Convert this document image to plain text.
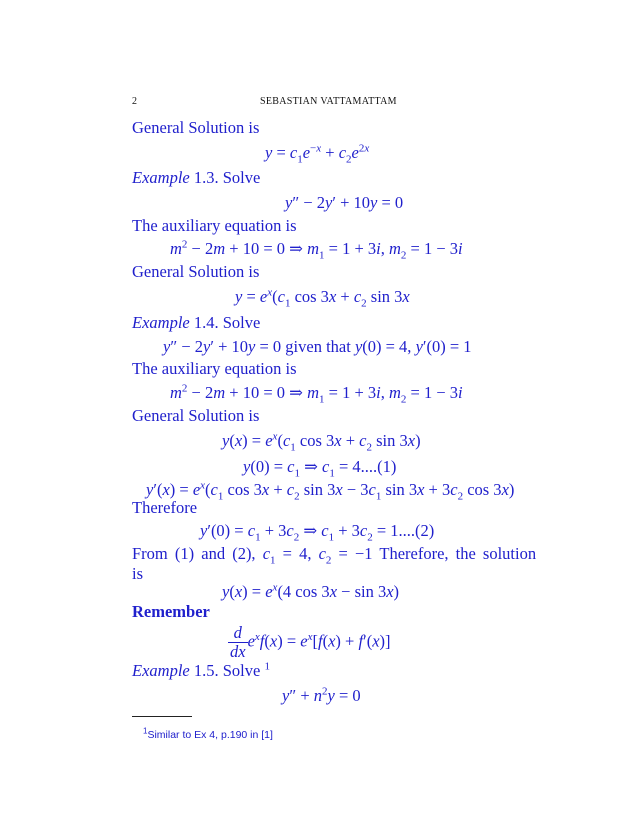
2	SEBASTIAN VATTAMATTAM
General Solution is
$y = c_1e^{-x} + c_2e^{2x}$
Example 1.3. Solve
y″ − 2y′ + 10y = 0
The auxiliary equation is
$m^2 - 2m + 10 = 0$ ⇒ $m_1 = 1 + 3i$, $m_2 = 1 - 3i$
General Solution is
$y = e^x(c_1$ $\cos 3x + c_2$ sin 3x
Example 1.4. Solve
y″ − 2y′ + 10y = 0 given that y(0) = 4, y′(0) = 1
The auxiliary equation is
$m^2 - 2m + 10 = 0$ ⇒ $m_1 = 1 + 3i$, $m_2 = 1 - 3i$
General Solution is
$y(x) = e^x(c_1$ $\cos 3x + c_2$ sin 3x)
$y(0) = c_1$ ⇒ $c_1 = 4....(1)$
$y'(x) = e^x(c_1$ $\cos 3x + c_2$ $\sin 3x - 3c_1$ $\sin 3x + 3c_2$ cos 3x)
Therefore
$y'(0) = c_1 + 3c_2$ ⇒ $c_1 + 3c_2 = 1....(2)$
From (1) and (2), $c_1 = 4$, $c_2 = -1$ Therefore, the solution
is
$y(x) = e^x(4$ cos 3x − sin 3x)
Remember
$\frac{d}{dx} e^xf(x) = e^x[f(x) + f'(x)]$
Example 1.5. Solve $^1$
$y'' + n^2y = 0$
$^1$Similar to Ex 4, p.190 in [1]
